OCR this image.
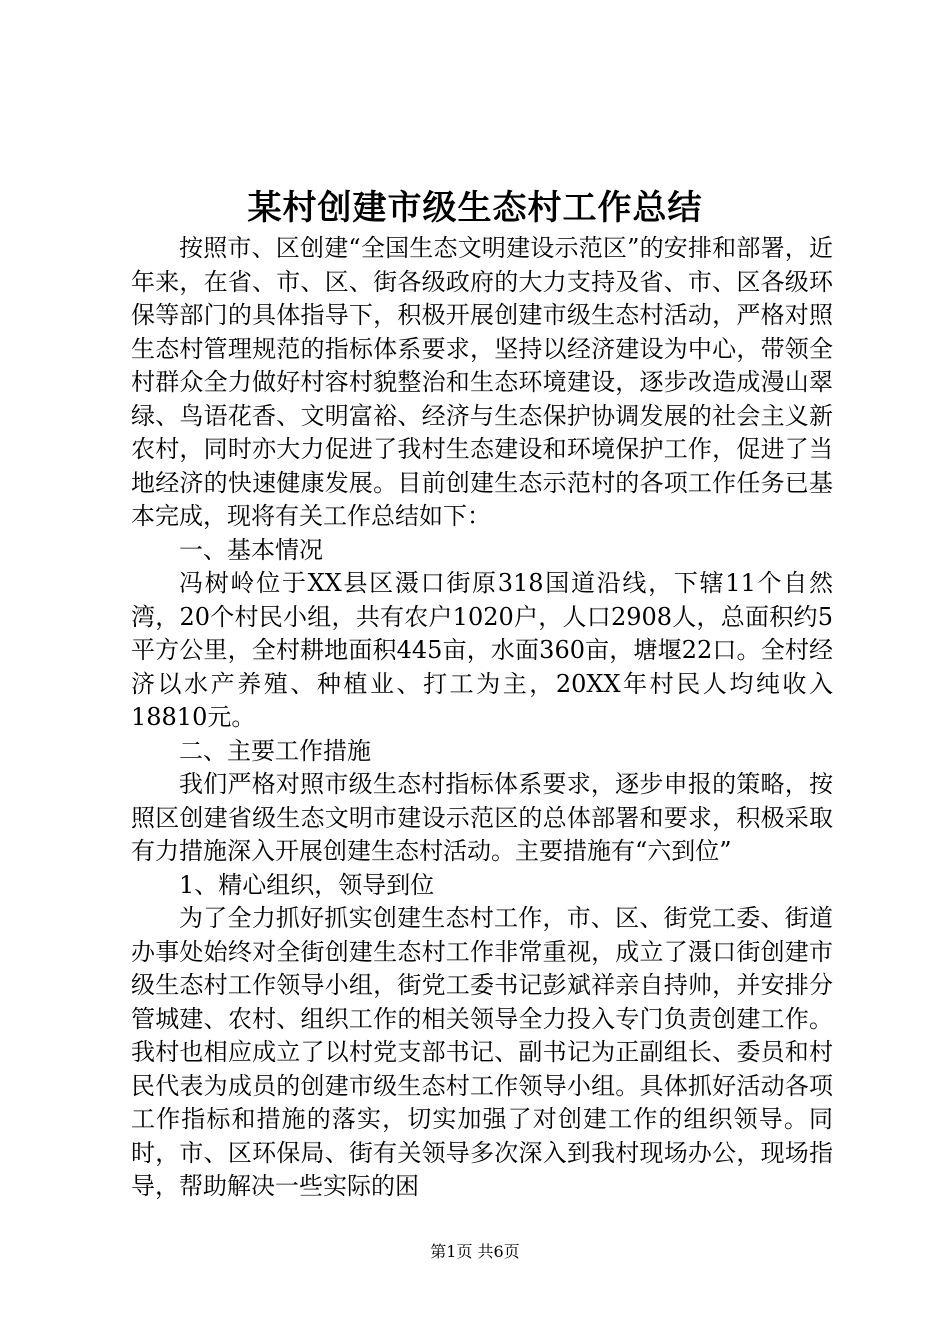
某村创建市级生态村工作总结

按照市、区创建“全国生态文明建设示范区”的安排和部署，近年来，在省、市、区、街各级政府的大力支持及省、市、区各级环保等部门的具体指导下，积极开展创建市级生态村活动，严格对照生态村管理规范的指标体系要求，坚持以经济建设为中心，带领全村群众全力做好村容村貌整治和生态环境建设，逐步改造成漫山翠绿、鸟语花香、文明富裕、经济与生态保护协调发展的社会主义新农村，同时亦大力促进了我村生态建设和环境保护工作，促进了当地经济的快速健康发展。目前创建生态示范村的各项工作任务已基本完成，现将有关工作总结如下：

一、基本情况

冯树岭位于XX县区滠口街原318国道沿线，下辖11个自然湾，20个村民小组，共有农户1020户，人口2908人，总面积约5平方公里，全村耕地面积445亩，水面360亩，塘堰22口。全村经济以水产养殖、种植业、打工为主，20XX年村民人均纯收入18810元。

二、主要工作措施

我们严格对照市级生态村指标体系要求，逐步申报的策略，按照区创建省级生态文明市建设示范区的总体部署和要求，积极采取有力措施深入开展创建生态村活动。主要措施有“六到位”

1、精心组织，领导到位

为了全力抓好抓实创建生态村工作，市、区、街党工委、街道办事处始终对全街创建生态村工作非常重视，成立了滠口街创建市级生态村工作领导小组，街党工委书记彭斌祥亲自持帅，并安排分管城建、农村、组织工作的相关领导全力投入专门负责创建工作。我村也相应成立了以村党支部书记、副书记为正副组长、委员和村民代表为成员的创建市级生态村工作领导小组。具体抓好活动各项工作指标和措施的落实，切实加强了对创建工作的组织领导。同时，市、区环保局、街有关领导多次深入到我村现场办公，现场指导，帮助解决一些实际的困

第1页 共6页
